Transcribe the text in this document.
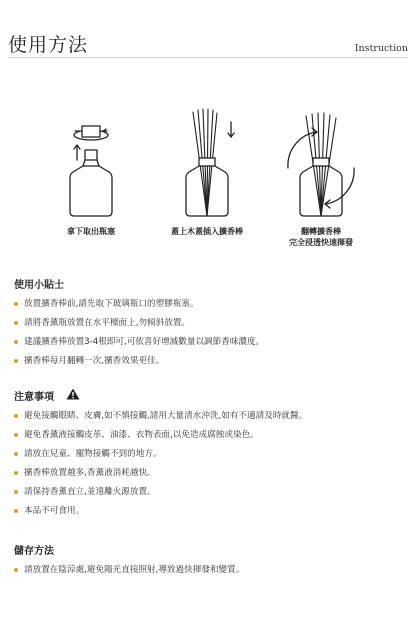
使用方法	Instruction
拿下取出瓶塞	蓋上木蓋插入擴香棒	翻轉擴香棒
完全浸透快速揮發
使用小貼士
放置擴香棒前,請先取下玻璃瓶口的塑膠瓶塞。
請將香薰瓶放置在水平檯面上,勿傾斜放置。
建議擴香棒放置3-4根即可,可依喜好增減數量以調節香味濃度。
擴香棒每月翻轉一次,擴香效果更佳。
注意事項
避免接觸眼睛、皮膚,如不慎接觸,請用大量清水沖洗,如有不適請及時就醫。
避免香薰液接觸皮革、油漆、衣物表面,以免造成腐蝕或染色。
請放在兒童、寵物接觸不到的地方。
擴香棒放置越多,香薰液消耗越快。
請保持香薰直立,並遠離火源放置。
本品不可食用。
儲存方法
請放置在陰涼處,避免陽光直接照射,導致過快揮發和變質。
